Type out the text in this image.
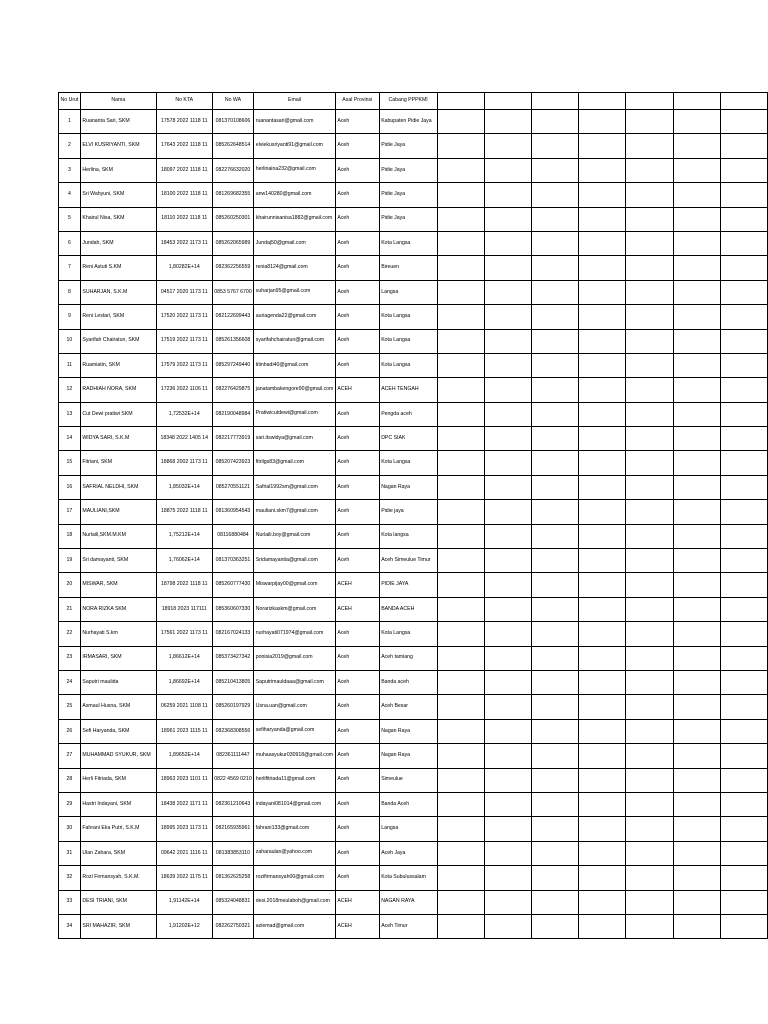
No Urut	Nama	No KTA	No WA	Email	Asal Provinsi	Cabang PPPKMI							
1	Ruananta Sari, SKM	17578 2022 1118 11	081370108606	ruanantasari@gmail.com	Aceh	Kabupaten Pidie Jaya							
2	ELVI KUSRIYANTI, SKM	17643 2022 1118 11	085262648514	elviekusriyanti91@gmail.com	Aceh	Pidie Jaya							
3	Herlina, SKM	18097 2022 1118 11	082276632020	herlinaina232@gmail.com	Aceh	Pidie Jaya							
4	Sri Wahyuni, SKM	18100 2022 1118 11	081269682355	anw140280@gmail.com	Aceh	Pidie Jaya							
5	Khairul Nisa, SKM	18110 2022 1118 11	085260250301	khairunnisanisa1882@gmail.com	Aceh	Pidie Jaya							
6	Jundah, SKM	18453 2022 1173 11	085262065989	Jundaj50@gmail.com	Aceh	Kota Langsa							
7	Reni Astuti S.KM	1,80282E+14	082362256559	renia8124@gmail.com	Aceh	Bireuen							
8	SUHARJAN, S.K.M	04517 2020 1173 11	0853 5767 6700	suharjan95@gmail.com	Aceh	Langsa							
9	Reni Lestari, SKM	17520 2022 1173 11	082122699443	auriagenda22@gmail.com	Aceh	Kota Langsa							
10	Syarifah Chairatun, SKM	17519 2022 1173 11	085261356608	syarifahchairatun@gmail.com	Aceh	Kota Langsa							
11	Ruamiatin, SKM	17579 2022 1173 11	085297249440	titinhadi40@gmail.com	Aceh	Kota Langsa							
12	RADHIAH NORA, SKM	17236 2022 1106 11	082276429875	janatambakengore90@gmail.com	ACEH	ACEH TENGAH							
13	Cut Dewi pratiwi SKM	1,72532E+14	082190048984	Pratiwicutdewi@gmail.com	Aceh	Pengda aceh							
14	WIDYA SARI, S.K.M	18348 2022 1405 14	082217773919	sari.itswidya@gmail.com	Aceh	DPC SIAK							
15	Fitriani, SKM	18868 2002 1173 11	085207423923	fitrilgs83@gmail.com	Aceh	Kota Langsa							
16	SAFRIAL NELDHI, SKM	1,85032E+14	085270551121	Safrial1992sm@gmail.com	Aceh	Nagan Raya							
17	MAULIANI,SKM	18875 2022 1118 11	081360954543	mauliani.skm7@gmail.com	Aceh	Pidie jaya							
18	Nurlaili,SKM.M.KM	1,75212E+14	08116880484	Nurlaili.boy@gmail.com	Aceh	Kota langsa							
19	Sri damayanti, SKM	1,76062E+14	081370363251	Sridamayantia@gmail.com	Aceh	Aceh Simeulue Timur							
20	MISWAR, SKM	18798 2022 1118 11	085260777430	Miswarpijay00@gmail.com	ACEH	PIDIE JAYA							
21	NORA RIZKA SKM	18918 2023 117111	085360607330	Norarizkaskm@gmail.com	ACEH	BANDA ACEH							
22	Nurhayati S.km	17561 2022 1173 11	082167024133	nurhayati071974@gmail.com	Aceh	Kota Langsa							
23	IRMASARI, SKM	1,86612E+14	085373427342	ponisia2019@gmail.com	Aceh	Aceh tamiang							
24	Saputri maulida	1,86692E+14	085210413805	Saputrimauldaaa@gmail.com	Aceh	Banda aceh							
25	Asmaul Husna, SKM	06259 2021 1108 11	085260197929	Usna.uan@gmail.com	Aceh	Aceh Besar							
26	Sefi Haryanda, SKM	18961 2023 1115 11	082368308556	sefiharyanda@gmail.com	Aceh	Nagan Raya							
27	MUHAMMAD SYUKUR, SKM	1,89652E+14	082361111447	muhaasyukur030918@gmail.com	Aceh	Nagan Raya							
28	Herli Fitriada, SKM	18963 2023 1101 11	0822 4569 0210	herlifitriada11@gmail.com	Aceh	Simeulue							
29	Hastri Indayani, SKM	18438 2022 1171 11	082361210643	indayani081014@gmail.com	Aceh	Banda Aceh							
30	Fahrani Eka Putri, S.K.M	18995 2023 1173 11	082165935961	fahrani133@gmail.com	Aceh	Langsa							
31	Ulan Zahara, SKM	09642 2021 1116 11	081383853110	zaharaulan@yahoo.com	Aceh	Aceh Jaya							
32	Rozi Firmansyah, S.K.M.	18639 2022 1175 11	081362625258	rozifirmansyah00@gmail.com	Aceh	Kota Subulussalam							
33	DESI TRIANI, SKM	1,91142E+14	085324048831	desi.2018meulaboh@gmail.com	ACEH	NAGAN RAYA							
34	SRI MAHAZIR, SKM	1,91202E+12	082262750321	aziemad@gmail.com	ACEH	Aceh Timur							
